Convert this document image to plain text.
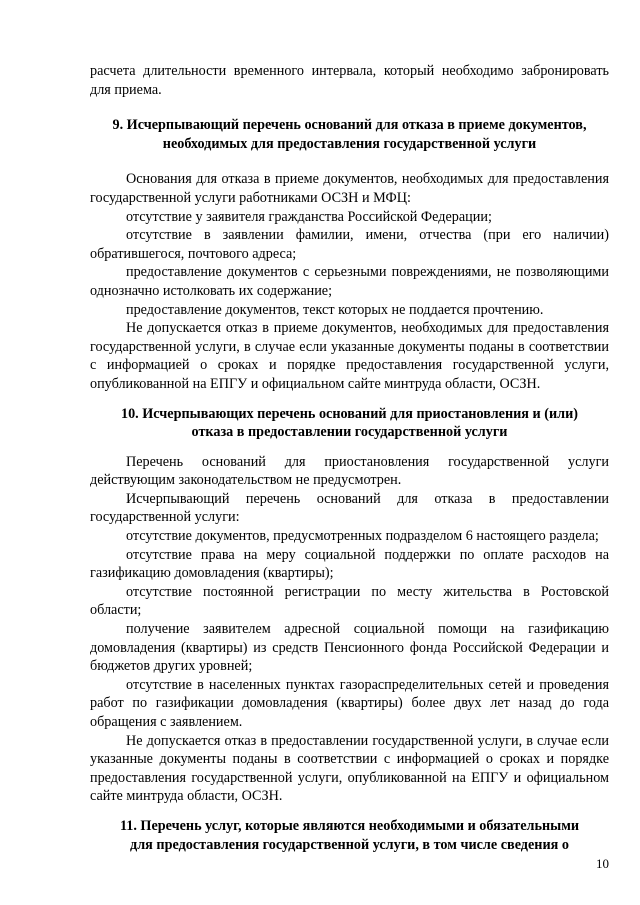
расчета длительности временного интервала, который необходимо забронировать для приема.

9. Исчерпывающий перечень оснований для отказа в приеме документов,
необходимых для предоставления государственной услуги

Основания для отказа в приеме документов, необходимых для предоставления государственной услуги работниками ОСЗН и МФЦ:

отсутствие у заявителя гражданства Российской Федерации;

отсутствие в заявлении фамилии, имени, отчества (при его наличии) обратившегося, почтового адреса;

предоставление документов с серьезными повреждениями, не позволяющими однозначно истолковать их содержание;

предоставление документов, текст которых не поддается прочтению.

Не допускается отказ в приеме документов, необходимых для предоставления государственной услуги, в случае если указанные документы поданы в соответствии с информацией о сроках и порядке предоставления государственной услуги, опубликованной на ЕПГУ и официальном сайте минтруда области, ОСЗН.

10. Исчерпывающих перечень оснований для приостановления и (или)
отказа в предоставлении государственной услуги

Перечень оснований для приостановления государственной услуги действующим законодательством не предусмотрен.

Исчерпывающий перечень оснований для отказа в предоставлении государственной услуги:

отсутствие документов, предусмотренных подразделом 6 настоящего раздела;

отсутствие права на меру социальной поддержки по оплате расходов на газификацию домовладения (квартиры);

отсутствие постоянной регистрации по месту жительства в Ростовской области;

получение заявителем адресной социальной помощи на газификацию домовладения (квартиры) из средств Пенсионного фонда Российской Федерации и бюджетов других уровней;

отсутствие в населенных пунктах газораспределительных сетей и проведения работ по газификации домовладения (квартиры) более двух лет назад до года обращения с заявлением.

Не допускается отказ в предоставлении государственной услуги, в случае если указанные документы поданы в соответствии с информацией о сроках и порядке предоставления государственной услуги, опубликованной на ЕПГУ и официальном сайте минтруда области, ОСЗН.

11. Перечень услуг, которые являются необходимыми и обязательными
для предоставления государственной услуги, в том числе сведения о
10
